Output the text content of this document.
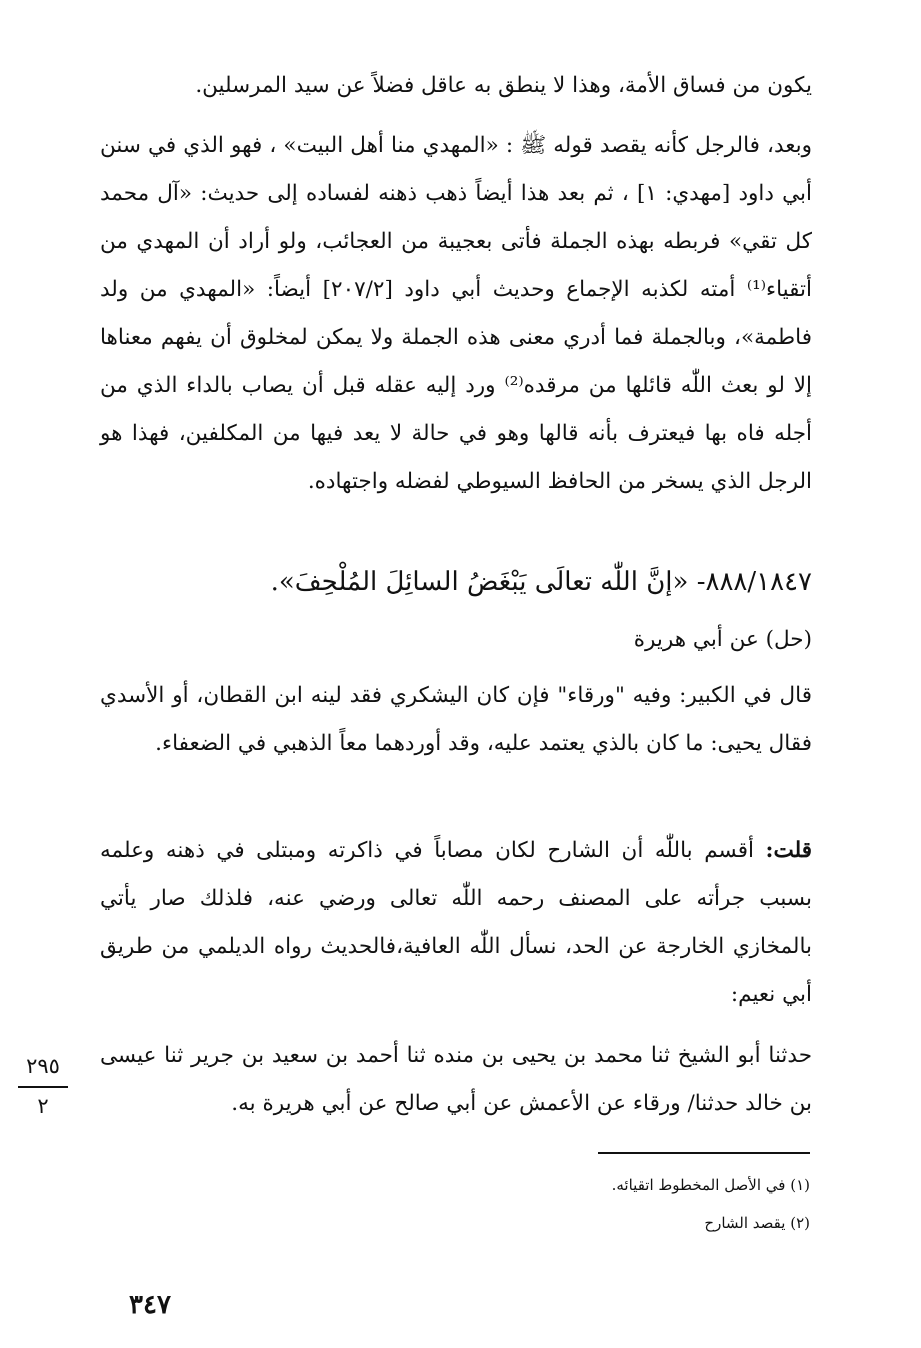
يكون من فساق الأمة، وهذا لا ينطق به عاقل فضلاً عن سيد المرسلين.

وبعد، فالرجل كأنه يقصد قوله ﷺ : «المهدي منا أهل البيت» ، فهو الذي في سنن أبي داود [مهدي: ١] ، ثم بعد هذا أيضاً ذهب ذهنه لفساده إلى حديث: «آل محمد كل تقي» فربطه بهذه الجملة فأتى بعجيبة من العجائب، ولو أراد أن المهدي من أتقياء⁽¹⁾ أمته لكذبه الإجماع وحديث أبي داود [٢٠٧/٢] أيضاً: «المهدي من ولد فاطمة»، وبالجملة فما أدري معنى هذه الجملة ولا يمكن لمخلوق أن يفهم معناها إلا لو بعث اللّٰه قائلها من مرقده⁽²⁾ ورد إليه عقله قبل أن يصاب بالداء الذي من أجله فاه بها فيعترف بأنه قالها وهو في حالة لا يعد فيها من المكلفين، فهذا هو الرجل الذي يسخر من الحافظ السيوطي لفضله واجتهاده.

٨٨٨/١٨٤٧- «إنَّ اللّٰه تعالَى يَبْغَضُ السائِلَ المُلْحِفَ».

(حل) عن أبي هريرة

قال في الكبير: وفيه "ورقاء" فإن كان اليشكري فقد لينه ابن القطان، أو الأسدي فقال يحيى: ما كان بالذي يعتمد عليه، وقد أوردهما معاً الذهبي في الضعفاء.

قلت: أقسم باللّٰه أن الشارح لكان مصاباً في ذاكرته ومبتلى في ذهنه وعلمه بسبب جرأته على المصنف رحمه اللّٰه تعالى ورضي عنه، فلذلك صار يأتي بالمخازي الخارجة عن الحد، نسأل اللّٰه العافية،فالحديث رواه الديلمي من طريق أبي نعيم:

حدثنا أبو الشيخ ثنا محمد بن يحيى بن منده ثنا أحمد بن سعيد بن جرير ثنا عيسى بن خالد حدثنا/ ورقاء عن الأعمش عن أبي صالح عن أبي هريرة به.

٢٩٥
٢

(١) في الأصل المخطوط اتقيائه.

(٢) يقصد الشارح

٣٤٧
